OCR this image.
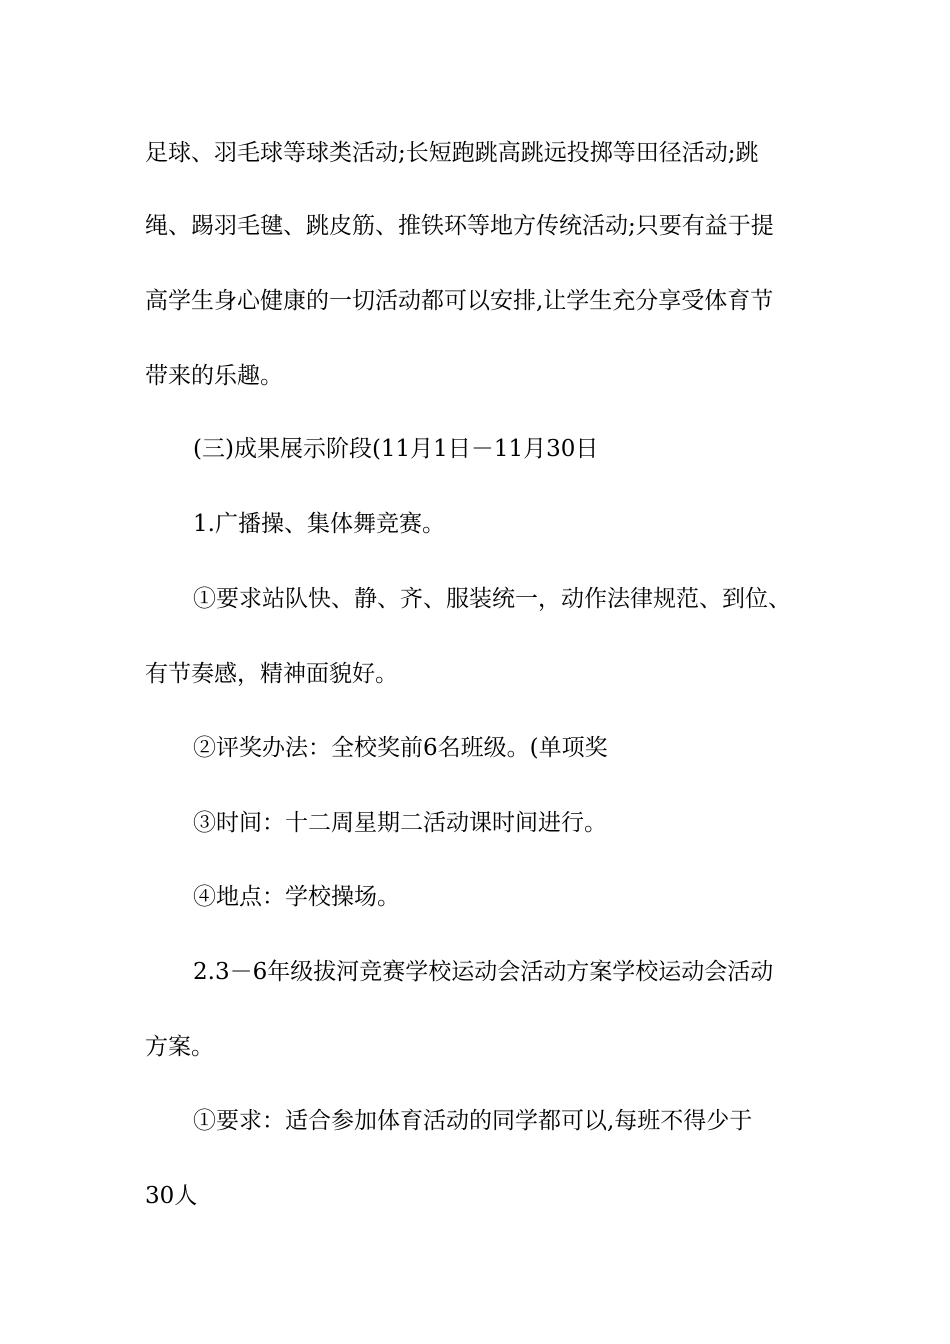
足球、羽毛球等球类活动;长短跑跳高跳远投掷等田径活动;跳

绳、踢羽毛毽、跳皮筋、推铁环等地方传统活动;只要有益于提

高学生身心健康的一切活动都可以安排,让学生充分享受体育节

带来的乐趣。

(三)成果展示阶段(11月1日－11月30日

1.广播操、集体舞竞赛。

①要求站队快、静、齐、服装统一，动作法律规范、到位、

有节奏感，精神面貌好。

②评奖办法：全校奖前6名班级。(单项奖

③时间：十二周星期二活动课时间进行。

④地点：学校操场。

2.3－6年级拔河竞赛学校运动会活动方案学校运动会活动

方案。

①要求：适合参加体育活动的同学都可以,每班不得少于

30人
